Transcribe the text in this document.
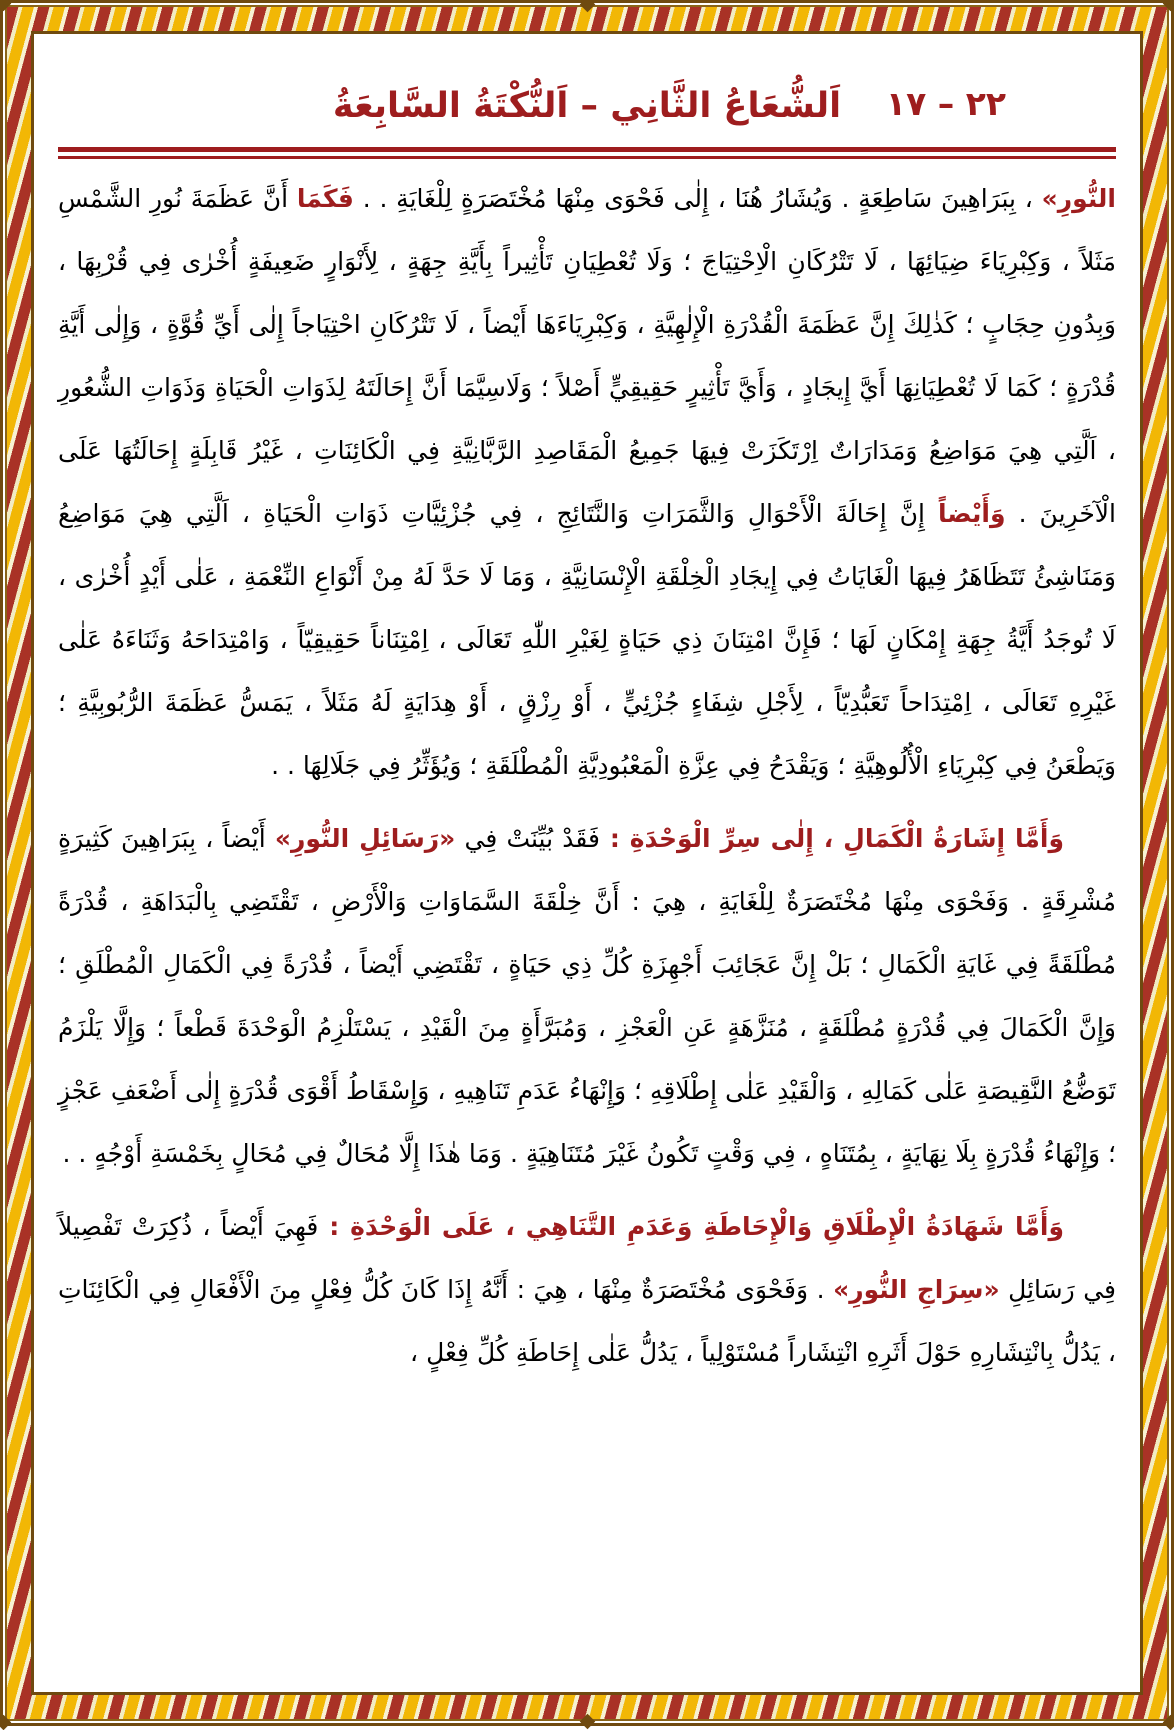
٢٢ – ١٧
اَلشُّعَاعُ الثَّانِي – اَلنُّكْتَةُ السَّابِعَةُ

النُّورِ» ، بِبَرَاهِينَ سَاطِعَةٍ . وَيُشَارُ هُنَا ، إِلٰى فَحْوَى مِنْهَا مُخْتَصَرَةٍ لِلْغَايَةِ . . فَكَمَا أَنَّ عَظَمَةَ نُورِ الشَّمْسِ مَثَلاً ، وَكِبْرِيَاءَ ضِيَائِهَا ، لَا تَتْرُكَانِ الْاِحْتِيَاجَ ؛ وَلَا تُعْطِيَانِ تَأْثِيراً بِأَيَّةِ جِهَةٍ ، لِأَنْوَارٍ ضَعِيفَةٍ أُخْرٰى فِي قُرْبِهَا ، وَبِدُونِ حِجَابٍ ؛ كَذٰلِكَ إِنَّ عَظَمَةَ الْقُدْرَةِ الْإِلٰهِيَّةِ ، وَكِبْرِيَاءَهَا أَيْضاً ، لَا تَتْرُكَانِ احْتِيَاجاً إِلٰى أَيِّ قُوَّةٍ ، وَإِلٰى أَيَّةِ قُدْرَةٍ ؛ كَمَا لَا تُعْطِيَانِهَا أَيَّ إِيجَادٍ ، وَأَيَّ تَأْثِيرٍ حَقِيقِيٍّ أَصْلاً ؛ وَلَاسِيَّمَا أَنَّ إِحَالَتَهُ لِذَوَاتِ الْحَيَاةِ وَذَوَاتِ الشُّعُورِ ، اَلَّتِي هِيَ مَوَاضِعُ وَمَدَارَاتٌ اِرْتَكَزَتْ فِيهَا جَمِيعُ الْمَقَاصِدِ الرَّبَّانِيَّةِ فِي الْكَائِنَاتِ ، غَيْرُ قَابِلَةٍ إِحَالَتُهَا عَلَى الْآخَرِينَ . وَأَيْضاً إِنَّ إِحَالَةَ الْأَحْوَالِ وَالثَّمَرَاتِ وَالنَّتَائِجِ ، فِي جُزْئِيَّاتِ ذَوَاتِ الْحَيَاةِ ، اَلَّتِي هِيَ مَوَاضِعُ وَمَنَاشِئُ تَتَظَاهَرُ فِيهَا الْغَايَاتُ فِي إِيجَادِ الْخِلْقَةِ الْإِنْسَانِيَّةِ ، وَمَا لَا حَدَّ لَهُ مِنْ أَنْوَاعِ النِّعْمَةِ ، عَلٰى أَيْدٍ أُخْرٰى ، لَا تُوجَدُ أَيَّةُ جِهَةِ إِمْكَانٍ لَهَا ؛ فَإِنَّ امْتِنَانَ ذِي حَيَاةٍ لِغَيْرِ اللّٰهِ تَعَالَى ، اِمْتِنَاناً حَقِيقِيّاً ، وَامْتِدَاحَهُ وَثَنَاءَهُ عَلٰى غَيْرِهِ تَعَالَى ، اِمْتِدَاحاً تَعَبُّدِيّاً ، لِأَجْلِ شِفَاءٍ جُزْئِيٍّ ، أَوْ رِزْقٍ ، أَوْ هِدَايَةٍ لَهُ مَثَلاً ، يَمَسُّ عَظَمَةَ الرُّبُوبِيَّةِ ؛ وَيَطْعَنُ فِي كِبْرِيَاءِ الْأُلُوهِيَّةِ ؛ وَيَقْدَحُ فِي عِزَّةِ الْمَعْبُودِيَّةِ الْمُطْلَقَةِ ؛ وَيُؤَثِّرُ فِي جَلَالِهَا . .

وَأَمَّا إِشَارَةُ الْكَمَالِ ، إِلٰى سِرِّ الْوَحْدَةِ : فَقَدْ بُيِّنَتْ فِي «رَسَائِلِ النُّورِ» أَيْضاً ، بِبَرَاهِينَ كَثِيرَةٍ مُشْرِقَةٍ . وَفَحْوَى مِنْهَا مُخْتَصَرَةٌ لِلْغَايَةِ ، هِيَ : أَنَّ خِلْقَةَ السَّمَاوَاتِ وَالْأَرْضِ ، تَقْتَضِي بِالْبَدَاهَةِ ، قُدْرَةً مُطْلَقَةً فِي غَايَةِ الْكَمَالِ ؛ بَلْ إِنَّ عَجَائِبَ أَجْهِزَةِ كُلِّ ذِي حَيَاةٍ ، تَقْتَضِي أَيْضاً ، قُدْرَةً فِي الْكَمَالِ الْمُطْلَقِ ؛ وَإِنَّ الْكَمَالَ فِي قُدْرَةٍ مُطْلَقَةٍ ، مُنَزَّهَةٍ عَنِ الْعَجْزِ ، وَمُبَرَّأَةٍ مِنَ الْقَيْدِ ، يَسْتَلْزِمُ الْوَحْدَةَ قَطْعاً ؛ وَإِلَّا يَلْزَمُ تَوَضُّعُ النَّقِيصَةِ عَلٰى كَمَالِهِ ، وَالْقَيْدِ عَلٰى إِطْلَاقِهِ ؛ وَإِنْهَاءُ عَدَمِ تَنَاهِيهِ ، وَإِسْقَاطُ أَقْوَى قُدْرَةٍ إِلٰى أَضْعَفِ عَجْزٍ ؛ وَإِنْهَاءُ قُدْرَةٍ بِلَا نِهَايَةٍ ، بِمُتَنَاهٍ ، فِي وَقْتٍ تَكُونُ غَيْرَ مُتَنَاهِيَةٍ . وَمَا هٰذَا إِلَّا مُحَالٌ فِي مُحَالٍ بِخَمْسَةِ أَوْجُهٍ . .

وَأَمَّا شَهَادَةُ الْإِطْلَاقِ وَالْإِحَاطَةِ وَعَدَمِ التَّنَاهِي ، عَلَى الْوَحْدَةِ : فَهِيَ أَيْضاً ، ذُكِرَتْ تَفْصِيلاً فِي رَسَائِلِ «سِرَاجِ النُّورِ» . وَفَحْوَى مُخْتَصَرَةٌ مِنْهَا ، هِيَ : أَنَّهُ إِذَا كَانَ كُلُّ فِعْلٍ مِنَ الْأَفْعَالِ فِي الْكَائِنَاتِ ، يَدُلُّ بِانْتِشَارِهِ حَوْلَ أَثَرِهِ انْتِشَاراً مُسْتَوْلِياً ، يَدُلُّ عَلٰى إِحَاطَةِ كُلِّ فِعْلٍ ،
